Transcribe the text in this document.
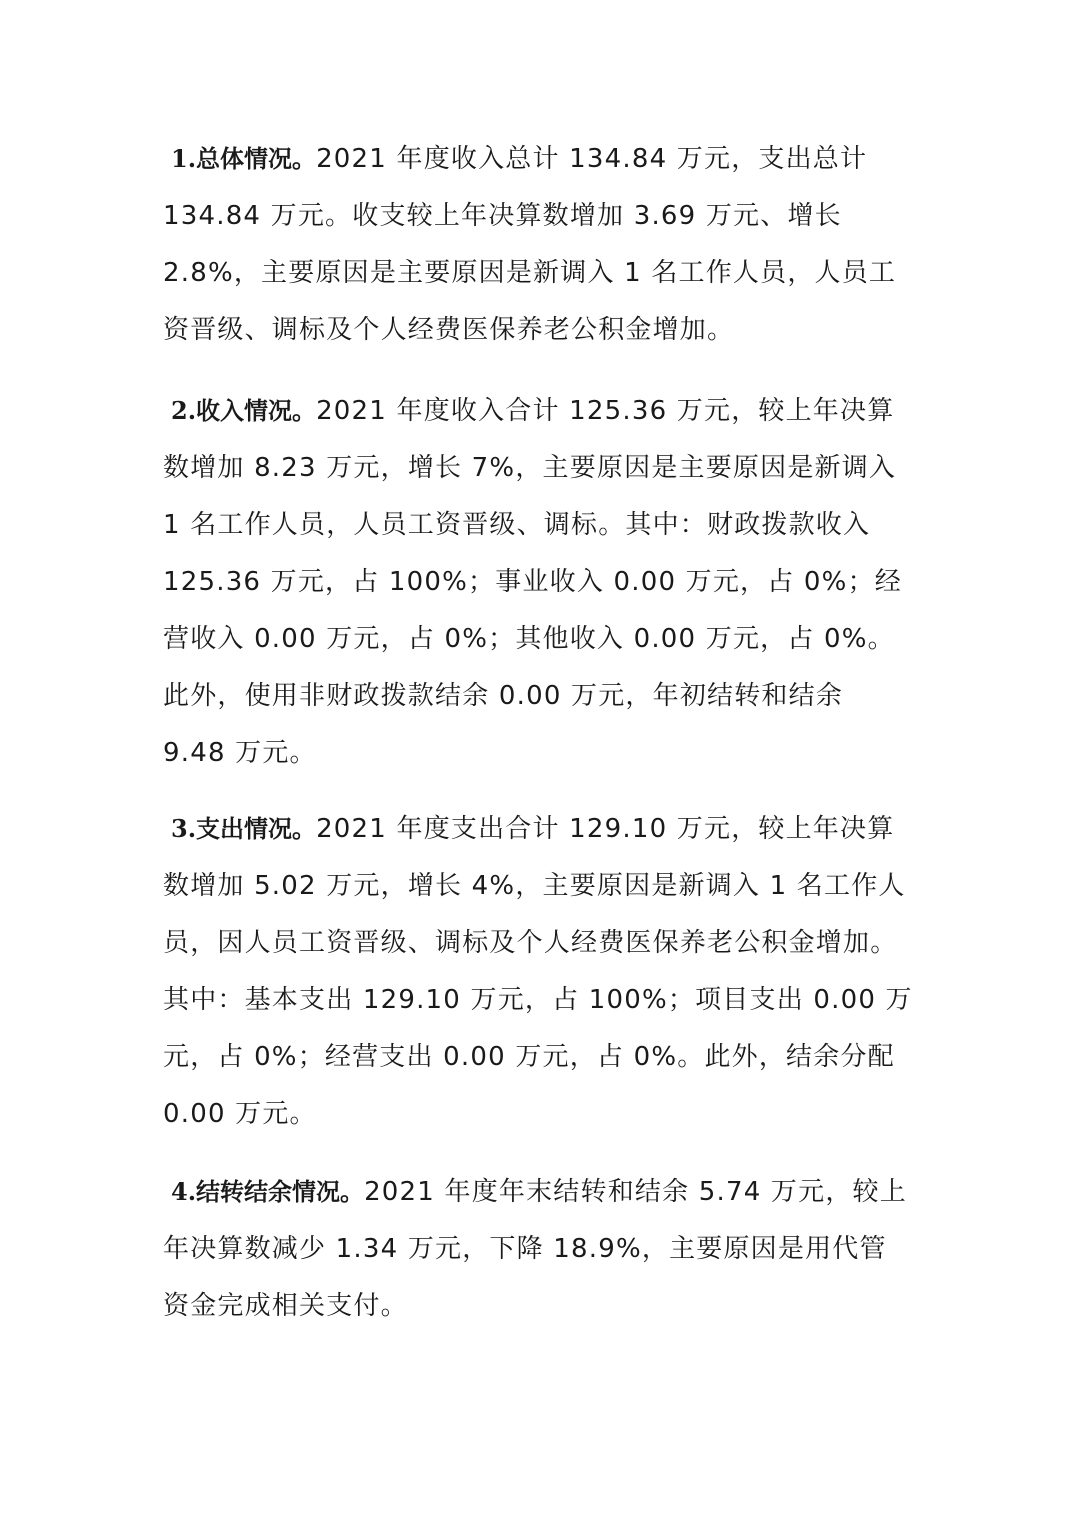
1.总体情况。2021 年度收入总计 134.84 万元，支出总计 134.84 万元。收支较上年决算数增加 3.69 万元、增长 2.8%，主要原因是主要原因是新调入 1 名工作人员，人员工资晋级、调标及个人经费医保养老公积金增加。

2.收入情况。2021 年度收入合计 125.36 万元，较上年决算数增加 8.23 万元，增长 7%，主要原因是主要原因是新调入 1 名工作人员，人员工资晋级、调标。其中：财政拨款收入 125.36 万元，占 100%；事业收入 0.00 万元，占 0%；经营收入 0.00 万元，占 0%；其他收入 0.00 万元，占 0%。此外，使用非财政拨款结余 0.00 万元，年初结转和结余 9.48 万元。

3.支出情况。2021 年度支出合计 129.10 万元，较上年决算数增加 5.02 万元，增长 4%，主要原因是新调入 1 名工作人员，因人员工资晋级、调标及个人经费医保养老公积金增加。其中：基本支出 129.10 万元，占 100%；项目支出 0.00 万元，占 0%；经营支出 0.00 万元，占 0%。此外，结余分配 0.00 万元。

4.结转结余情况。2021 年度年末结转和结余 5.74 万元，较上年决算数减少 1.34 万元，下降 18.9%，主要原因是用代管资金完成相关支付。
